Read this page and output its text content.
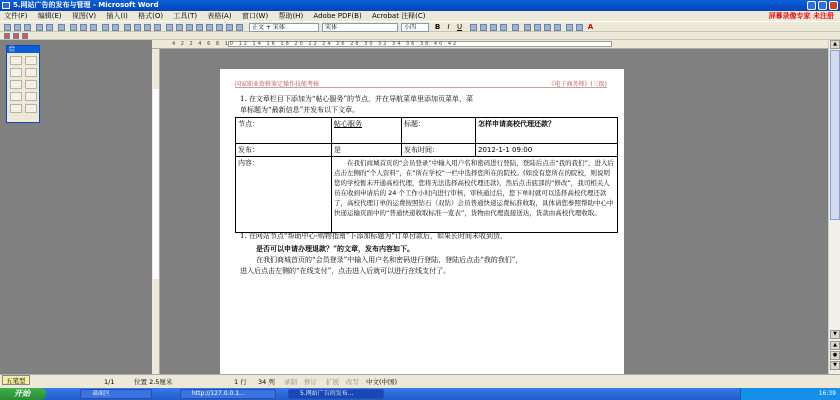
5.网站广告的发布与管理 - Microsoft Word
文件(F) 编辑(E) 视图(V) 插入(I) 格式(O) 工具(T) 表格(A) 窗口(W) 帮助(H) Adobe PDF(B) Acrobat 注释(C)	屏幕录像专家 未注册
正文 + 宋体	宋体	小四	B	I	U	A
绘
4 2 2 4 6 8 10 12 14 16 18 20 22 24 26 28 30 32 34 36 38 40 42
国家职业资格鉴定操作技能考核	《电子商务师》(三级)
1. 在文章栏目下添加为“帖心服务”的节点，并在导航菜单里添加页菜单，菜
单标题为“最新信息”并发布以下文章。
节点：	帖心服务	标题：	怎样申请高校代理还款？
发布：	是	发布时间：	2012-1-1 09:00
内容：	在我们商城首页的“会员登录”中输入用户名和密码进行登陆，登陆后点击“我的我们”，进入后点击左侧的“个人资料”，在“所在学校”一栏中选择您所在的院校。(如没有您所在的院校，则说明您的学校暂未开通高校代理，您将无法选择高校代理还款)，然后点击底部的“修改”，我司相关人员在收到申请后的 24 个工作小时内进行审核，审核通过后，您下单时就可以选择高校代理还款了，高校代理订单的运费按照钻石（双钻）会员普通快递运费标准收取，具体请您参照帮助中心中快递运输页面中的“普通快递收取标准一览表”，货物由代理直接送达，货款由高校代理收取。		
1. 在网站节点“帮助中心-购物指南”下添加标题为“订单付款后，如果长时间未收到货，
是否可以申请办理退款？”的文章，发布内容如下。
在我们商城首页的“会员登录”中输入用户名和密码进行登陆，登陆后点击“我的我们”，
进入后点击左侧的“在线支付”，点击进入后就可以进行在线支付了。
▲
▼
▲
●
▼
五笔型	1/1	位置 2.5厘米	1 行 34 列 录制 修订 扩展 改写 中文(中国)
开始	桌面区	http://127.0.0.1...	5.网站广告的发布...	16:39
